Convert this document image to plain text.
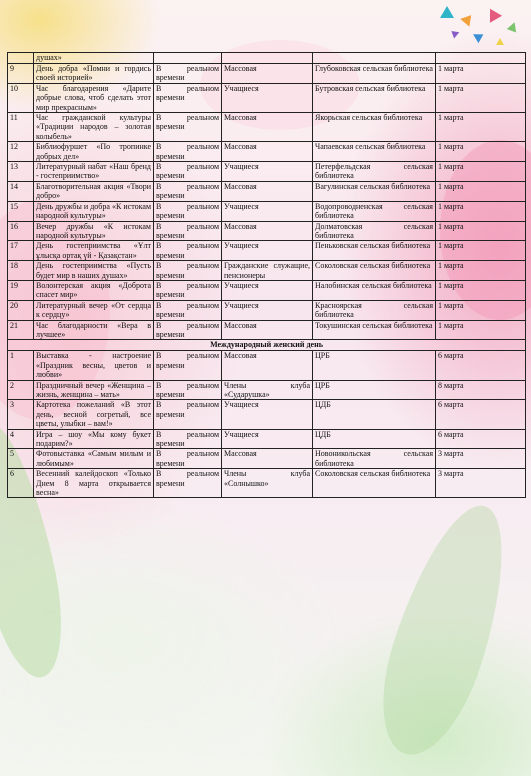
	душах»				
9	День добра «Помни и гордись своей историей»	В реальном времени	Массовая	Глубоковская сельская библиотека	1 марта
10	Час благодарения «Дарите добрые слова, чтоб сделать этот мир прекрасным»	В реальном времени	Учащиеся	Бутровская сельская библиотека	1 марта
11	Час гражданской культуры «Традиции народов – золотая колыбель»	В реальном времени	Массовая	Якорьская сельская библиотека	1 марта
12	Библиофуршет «По тропинке добрых дел»	В реальном времени	Массовая	Чапаевская сельская библиотека	1 марта
13	Литературный набат «Наш бренд - гостеприимство»	В реальном времени	Учащиеся	Петерфельдская сельская библиотека	1 марта
14	Благотворительная акция «Твори добро»	В реальном времени	Массовая	Вагулинская сельская библиотека	1 марта
15	День дружбы и добра «К истокам народной культуры»	В реальном времени	Учащиеся	Водопроводненская сельская библиотека	1 марта
16	Вечер дружбы «К истокам народной культуры»	В реальном времени	Массовая	Долматовская сельская библиотека	1 марта
17	День гостеприимства «Ұлт ұлысқа ортақ үй - Қазақстан»	В реальном времени	Учащиеся	Пеньковская сельская библиотека	1 марта
18	День гостеприимства «Пусть будет мир в наших душах»	В реальном времени	Гражданские служащие, пенсионеры	Соколовская сельская библиотека	1 марта
19	Волонтерская акция «Доброта спасет мир»	В реальном времени	Учащиеся	Налобинская сельская библиотека	1 марта
20	Литературный вечер «От сердца к сердцу»	В реальном времени	Учащиеся	Красноярская сельская библиотека	1 марта
21	Час благодарности «Вера в лучшее»	В реальном времени	Массовая	Токушинская сельская библиотека	1 марта
Международный женский день					
1	Выставка - настроение «Праздник весны, цветов и любви»	В реальном времени	Массовая	ЦРБ	6 марта
2	Праздничный вечер «Женщина – жизнь, женщина – мать»	В реальном времени	Члены клуба «Сударушка»	ЦРБ	8 марта
3	Картотека пожеланий «В этот день, весной согретый, все цветы, улыбки – вам!»	В реальном времени	Учащиеся	ЦДБ	6 марта
4	Игра – шоу «Мы кому букет подарим?»	В реальном времени	Учащиеся	ЦДБ	6 марта
5	Фотовыставка «Самым милым и любимым»	В реальном времени	Массовая	Новоникольская сельская библиотека	3 марта
6	Весенний калейдоскоп «Только Днем 8 марта открывается весна»	В реальном времени	Члены клуба «Солнышко»	Соколовская сельская библиотека	3 марта
